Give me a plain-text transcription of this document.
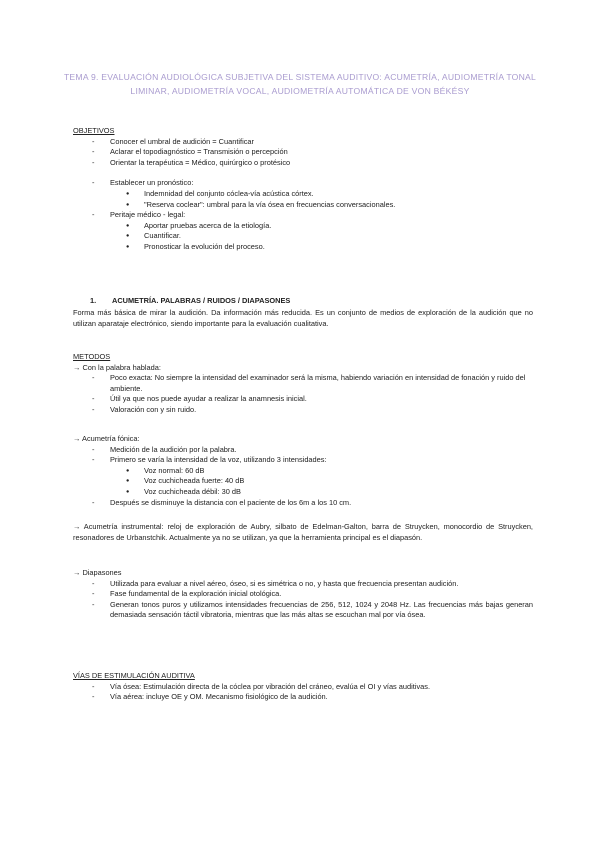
TEMA 9. EVALUACIÓN AUDIOLÓGICA SUBJETIVA DEL SISTEMA AUDITIVO: ACUMETRÍA, AUDIOMETRÍA TONAL LIMINAR, AUDIOMETRÍA VOCAL, AUDIOMETRÍA AUTOMÁTICA DE VON BÉKÉSY
OBJETIVOS
- Conocer el umbral de audición = Cuantificar
- Aclarar el topodiagnóstico = Transmisión o percepción
- Orientar la terapéutica = Médico, quirúrgico o protésico
- Establecer un pronóstico:
● Indemnidad del conjunto cóclea-vía acústica córtex.
● "Reserva coclear": umbral para la vía ósea en frecuencias conversacionales.
- Peritaje médico - legal:
● Aportar pruebas acerca de la etiología.
● Cuantificar.
● Pronosticar la evolución del proceso.
1. ACUMETRÍA. PALABRAS / RUIDOS / DIAPASONES
Forma más básica de mirar la audición. Da información más reducida. Es un conjunto de medios de exploración de la audición que no utilizan aparataje electrónico, siendo importante para la evaluación cualitativa.
METODOS
→ Con la palabra hablada:
- Poco exacta: No siempre la intensidad del examinador será la misma, habiendo variación en intensidad de fonación y ruido del ambiente.
- Útil ya que nos puede ayudar a realizar la anamnesis inicial.
- Valoración con y sin ruido.
→ Acumetría fónica:
- Medición de la audición por la palabra.
- Primero se varía la intensidad de la voz, utilizando 3 intensidades:
● Voz normal: 60 dB
● Voz cuchicheada fuerte: 40 dB
● Voz cuchicheada débil: 30 dB
- Después se disminuye la distancia con el paciente de los 6m a los 10 cm.
→ Acumetría instrumental: reloj de exploración de Aubry, silbato de Edelman-Galton, barra de Struycken, monocordio de Struycken, resonadores de Urbanstchik. Actualmente ya no se utilizan, ya que la herramienta principal es el diapasón.
→ Diapasones
- Utilizada para evaluar a nivel aéreo, óseo, si es simétrica o no, y hasta que frecuencia presentan audición.
- Fase fundamental de la exploración inicial otológica.
- Generan tonos puros y utilizamos intensidades frecuencias de 256, 512, 1024 y 2048 Hz. Las frecuencias más bajas generan demasiada sensación táctil vibratoria, mientras que las más altas se escuchan mal por vía ósea.
VÍAS DE ESTIMULACIÓN AUDITIVA
- Vía ósea: Estimulación directa de la cóclea por vibración del cráneo, evalúa el OI y vías auditivas.
- Vía aérea: incluye OE y OM. Mecanismo fisiológico de la audición.
